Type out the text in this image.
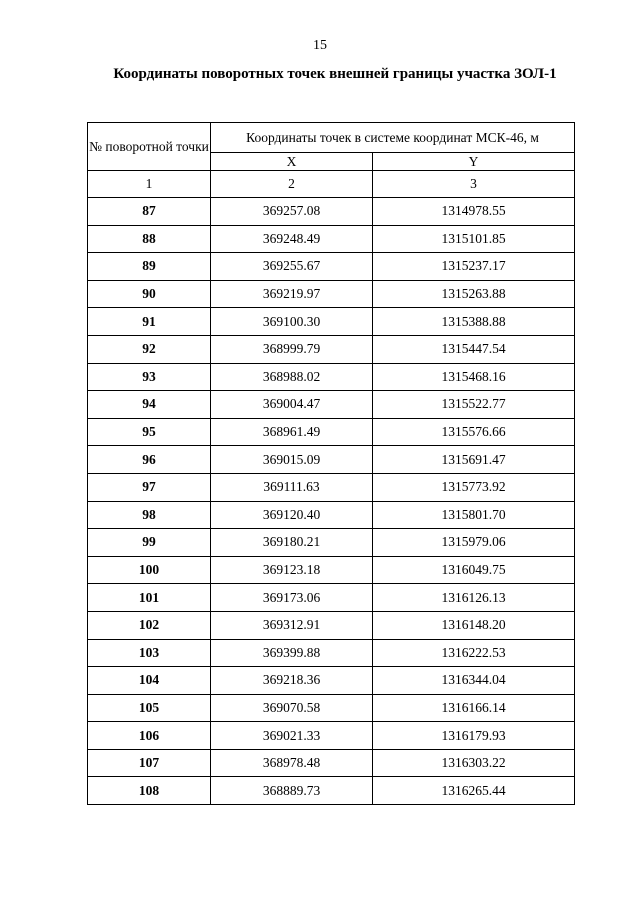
15
Координаты поворотных точек внешней границы участка ЗОЛ-1
№ поворотной точки	Координаты точек в системе координат МСК-46, м	
	X	Y
1	2	3
87	369257.08	1314978.55
88	369248.49	1315101.85
89	369255.67	1315237.17
90	369219.97	1315263.88
91	369100.30	1315388.88
92	368999.79	1315447.54
93	368988.02	1315468.16
94	369004.47	1315522.77
95	368961.49	1315576.66
96	369015.09	1315691.47
97	369111.63	1315773.92
98	369120.40	1315801.70
99	369180.21	1315979.06
100	369123.18	1316049.75
101	369173.06	1316126.13
102	369312.91	1316148.20
103	369399.88	1316222.53
104	369218.36	1316344.04
105	369070.58	1316166.14
106	369021.33	1316179.93
107	368978.48	1316303.22
108	368889.73	1316265.44
